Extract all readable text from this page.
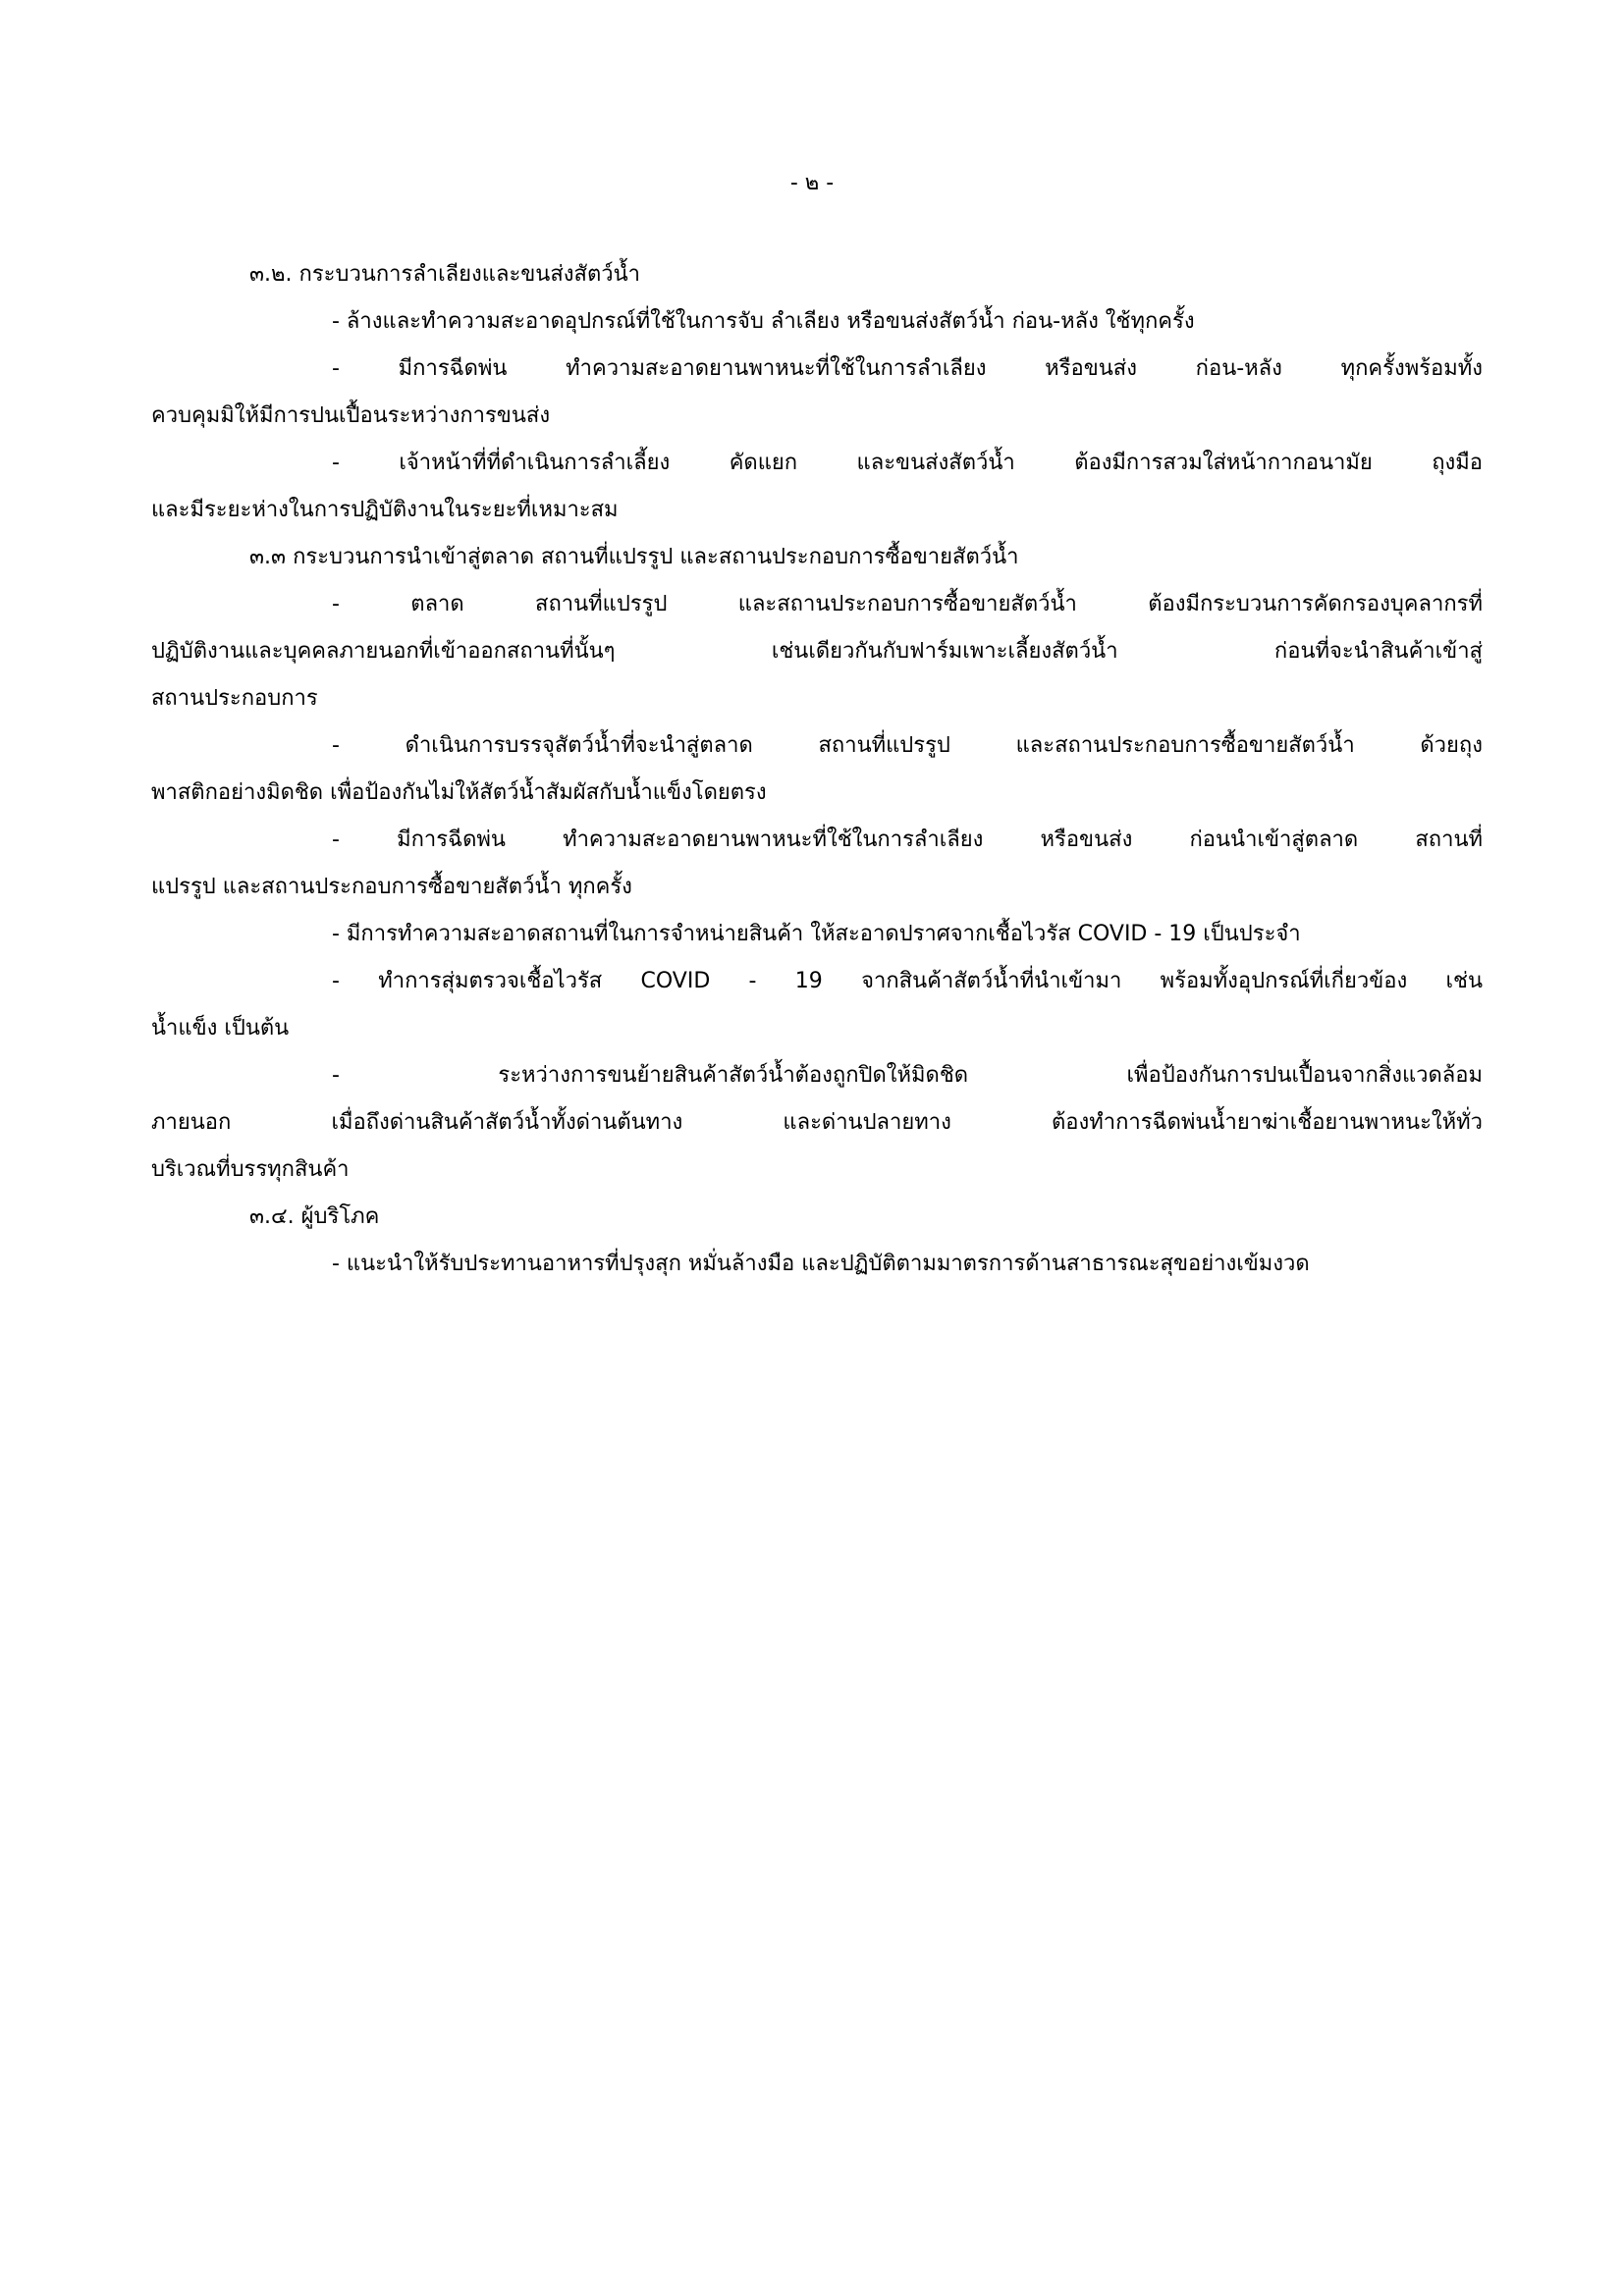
- ๒ -
๓.๒. กระบวนการลำเลียงและขนส่งสัตว์น้ำ
- ล้างและทำความสะอาดอุปกรณ์ที่ใช้ในการจับ ลำเลียง หรือขนส่งสัตว์น้ำ ก่อน-หลัง ใช้ทุกครั้ง
- มีการฉีดพ่น ทำความสะอาดยานพาหนะที่ใช้ในการลำเลียง หรือขนส่ง ก่อน-หลัง ทุกครั้งพร้อมทั้ง
ควบคุมมิให้มีการปนเปื้อนระหว่างการขนส่ง
- เจ้าหน้าที่ที่ดำเนินการลำเลี้ยง คัดแยก และขนส่งสัตว์น้ำ ต้องมีการสวมใส่หน้ากากอนามัย ถุงมือ
และมีระยะห่างในการปฏิบัติงานในระยะที่เหมาะสม
๓.๓ กระบวนการนำเข้าสู่ตลาด สถานที่แปรรูป และสถานประกอบการซื้อขายสัตว์น้ำ
- ตลาด สถานที่แปรรูป และสถานประกอบการซื้อขายสัตว์น้ำ ต้องมีกระบวนการคัดกรองบุคลากรที่
ปฏิบัติงานและบุคคลภายนอกที่เข้าออกสถานที่นั้นๆ เช่นเดียวกันกับฟาร์มเพาะเลี้ยงสัตว์น้ำ ก่อนที่จะนำสินค้าเข้าสู่
สถานประกอบการ
- ดำเนินการบรรจุสัตว์น้ำที่จะนำสู่ตลาด สถานที่แปรรูป และสถานประกอบการซื้อขายสัตว์น้ำ ด้วยถุง
พาสติกอย่างมิดชิด เพื่อป้องกันไม่ให้สัตว์น้ำสัมผัสกับน้ำแข็งโดยตรง
- มีการฉีดพ่น ทำความสะอาดยานพาหนะที่ใช้ในการลำเลียง หรือขนส่ง ก่อนนำเข้าสู่ตลาด สถานที่
แปรรูป และสถานประกอบการซื้อขายสัตว์น้ำ ทุกครั้ง
- มีการทำความสะอาดสถานที่ในการจำหน่ายสินค้า ให้สะอาดปราศจากเชื้อไวรัส COVID - 19 เป็นประจำ
- ทำการสุ่มตรวจเชื้อไวรัส COVID - 19 จากสินค้าสัตว์น้ำที่นำเข้ามา พร้อมทั้งอุปกรณ์ที่เกี่ยวข้อง เช่น
น้ำแข็ง เป็นต้น
- ระหว่างการขนย้ายสินค้าสัตว์น้ำต้องถูกปิดให้มิดชิด เพื่อป้องกันการปนเปื้อนจากสิ่งแวดล้อม
ภายนอก เมื่อถึงด่านสินค้าสัตว์น้ำทั้งด่านต้นทาง และด่านปลายทาง ต้องทำการฉีดพ่นน้ำยาฆ่าเชื้อยานพาหนะให้ทั่ว
บริเวณที่บรรทุกสินค้า
๓.๔. ผู้บริโภค
- แนะนำให้รับประทานอาหารที่ปรุงสุก หมั่นล้างมือ และปฏิบัติตามมาตรการด้านสาธารณะสุขอย่างเข้มงวด
